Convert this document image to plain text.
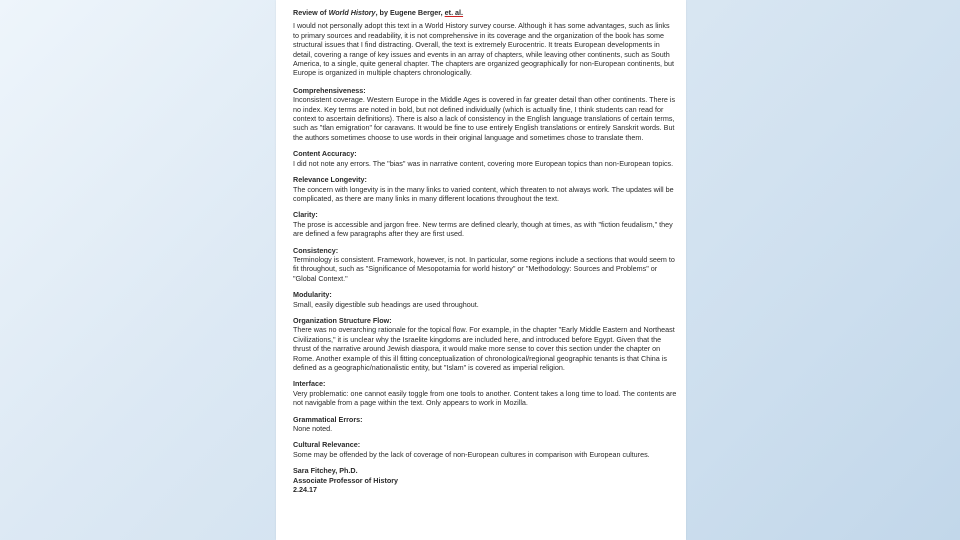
Review of World History, by Eugene Berger, et. al.

I would not personally adopt this text in a World History survey course. Although it has some advantages, such as links to primary sources and readability, it is not comprehensive in its coverage and the organization of the book has some structural issues that I find distracting. Overall, the text is extremely Eurocentric. It treats European developments in detail, covering a range of key issues and events in an array of chapters, while leaving other continents, such as South America, to a single, quite general chapter. The chapters are organized geographically for non-European continents, but Europe is organized in multiple chapters chronologically.

Comprehensiveness:

Inconsistent coverage. Western Europe in the Middle Ages is covered in far greater detail than other continents. There is no index. Key terms are noted in bold, but not defined individually (which is actually fine, I think students can read for context to ascertain definitions). There is also a lack of consistency in the English language translations of certain terms, such as "tlan emigration" for caravans. It would be fine to use entirely English translations or entirely Sanskrit words. But the authors sometimes choose to use words in their original language and sometimes chose to translate them.

Content Accuracy:

I did not note any errors. The "bias" was in narrative content, covering more European topics than non-European topics.

Relevance Longevity:

The concern with longevity is in the many links to varied content, which threaten to not always work. The updates will be complicated, as there are many links in many different locations throughout the text.

Clarity:

The prose is accessible and jargon free. New terms are defined clearly, though at times, as with "fiction feudalism," they are defined a few paragraphs after they are first used.

Consistency:

Terminology is consistent. Framework, however, is not. In particular, some regions include a sections that would seem to fit throughout, such as "Significance of Mesopotamia for world history" or "Methodology: Sources and Problems" or "Global Context."

Modularity:

Small, easily digestible sub headings are used throughout.

Organization Structure Flow:

There was no overarching rationale for the topical flow. For example, in the chapter "Early Middle Eastern and Northeast Civilizations," it is unclear why the Israelite kingdoms are included here, and introduced before Egypt. Given that the thrust of the narrative around Jewish diaspora, it would make more sense to cover this section under the chapter on Rome. Another example of this ill fitting conceptualization of chronological/regional geographic tenants is that China is defined as a geographic/nationalistic entity, but "Islam" is covered as imperial religion.

Interface:

Very problematic: one cannot easily toggle from one tools to another. Content takes a long time to load. The contents are not navigable from a page within the text. Only appears to work in Mozilla.

Grammatical Errors:

None noted.

Cultural Relevance:

Some may be offended by the lack of coverage of non-European cultures in comparison with European cultures.

Sara Fitchey, Ph.D.
Associate Professor of History
2.24.17
